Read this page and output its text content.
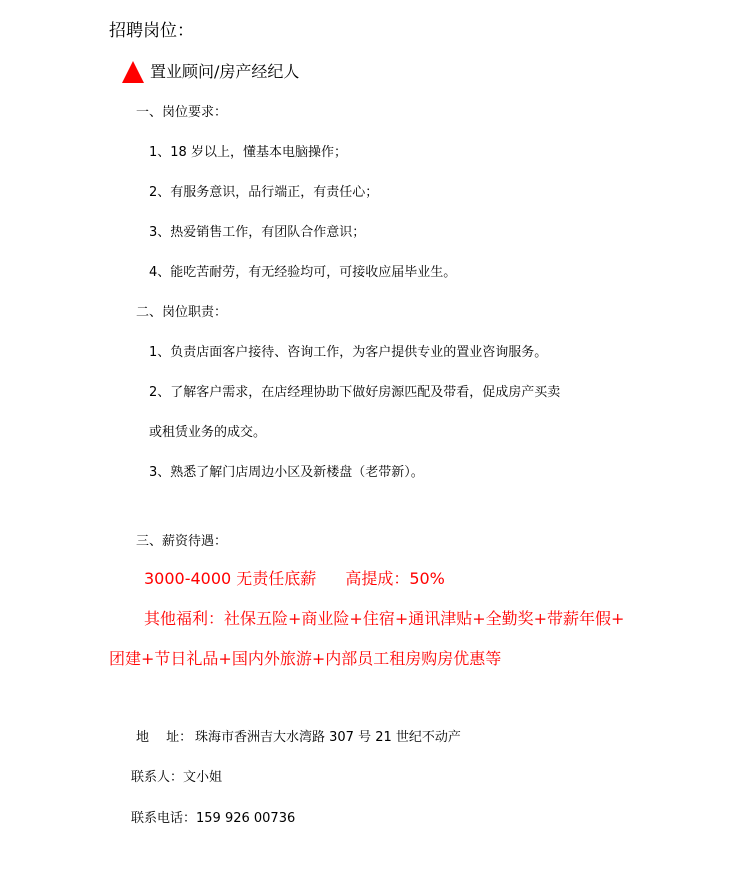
招聘岗位：
置业顾问/房产经纪人
一、岗位要求：
1、18 岁以上，懂基本电脑操作；
2、有服务意识，品行端正，有责任心；
3、热爱销售工作，有团队合作意识；
4、能吃苦耐劳，有无经验均可，可接收应届毕业生。
二、岗位职责：
1、负责店面客户接待、咨询工作，为客户提供专业的置业咨询服务。
2、了解客户需求，在店经理协助下做好房源匹配及带看，促成房产买卖
或租赁业务的成交。
3、熟悉了解门店周边小区及新楼盘（老带新）。
三、薪资待遇：
3000-4000 无责任底薪 高提成：50%
其他福利：社保五险+商业险+住宿+通讯津贴+全勤奖+带薪年假+
团建+节日礼品+国内外旅游+内部员工租房购房优惠等
地　 址： 珠海市香洲吉大水湾路 307 号 21 世纪不动产
联系人：文小姐
联系电话：159 926 00736
